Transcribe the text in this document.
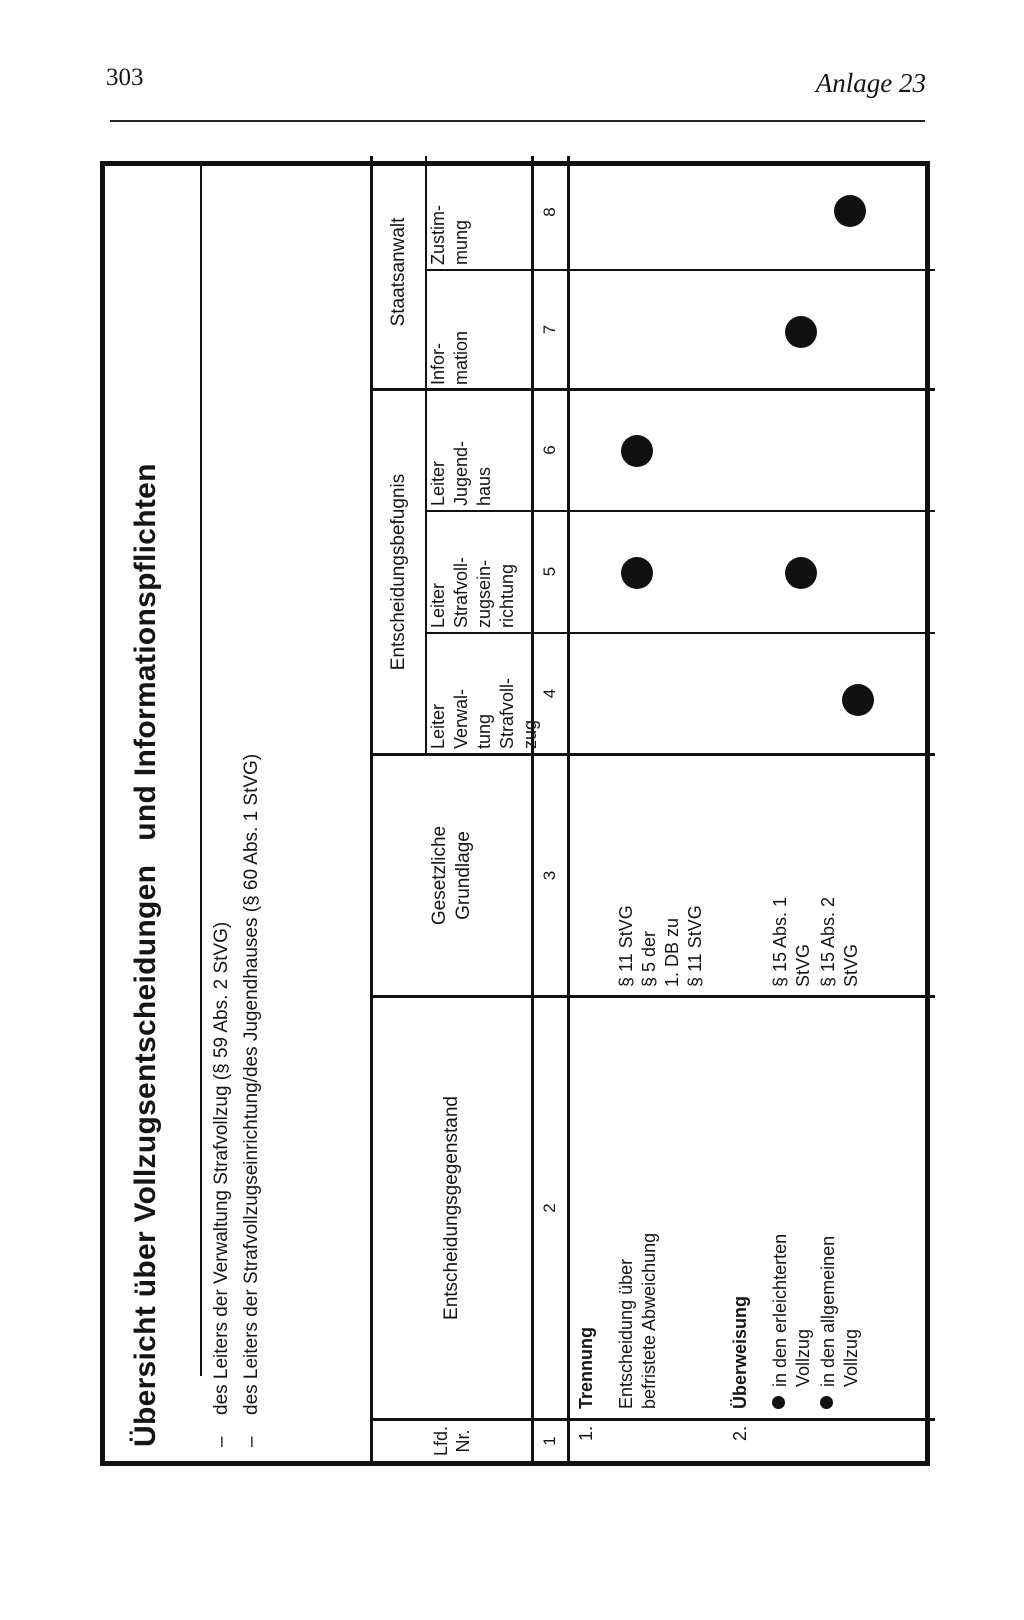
303	Anlage 23
Übersicht über Vollzugsentscheidungenund Informationspflichten
–des Leiters der Verwaltung Strafvollzug (§ 59 Abs. 2 StVG)
–des Leiters der Strafvollzugseinrichtung/des Jugendhauses (§ 60 Abs. 1 StVG)
Lfd. Nr.
Entscheidungsgegenstand
Gesetzliche Grundlage
Entscheidungsbefugnis
Staatsanwalt
Leiter Verwal- tung Strafvoll- zug
Leiter Strafvoll- zugsein- richtung
Leiter Jugend- haus
Infor- mation
Zustim- mung
1
2
3
4
5
6
7
8
1.
Trennung Entscheidung über befristete Abweichung
§ 11 StVG § 5 der 1. DB zu § 11 StVG
2.
Überweisung in den erleichterten Vollzug
§ 15 Abs. 1 StVG
in den allgemeinen Vollzug
§ 15 Abs. 2 StVG
